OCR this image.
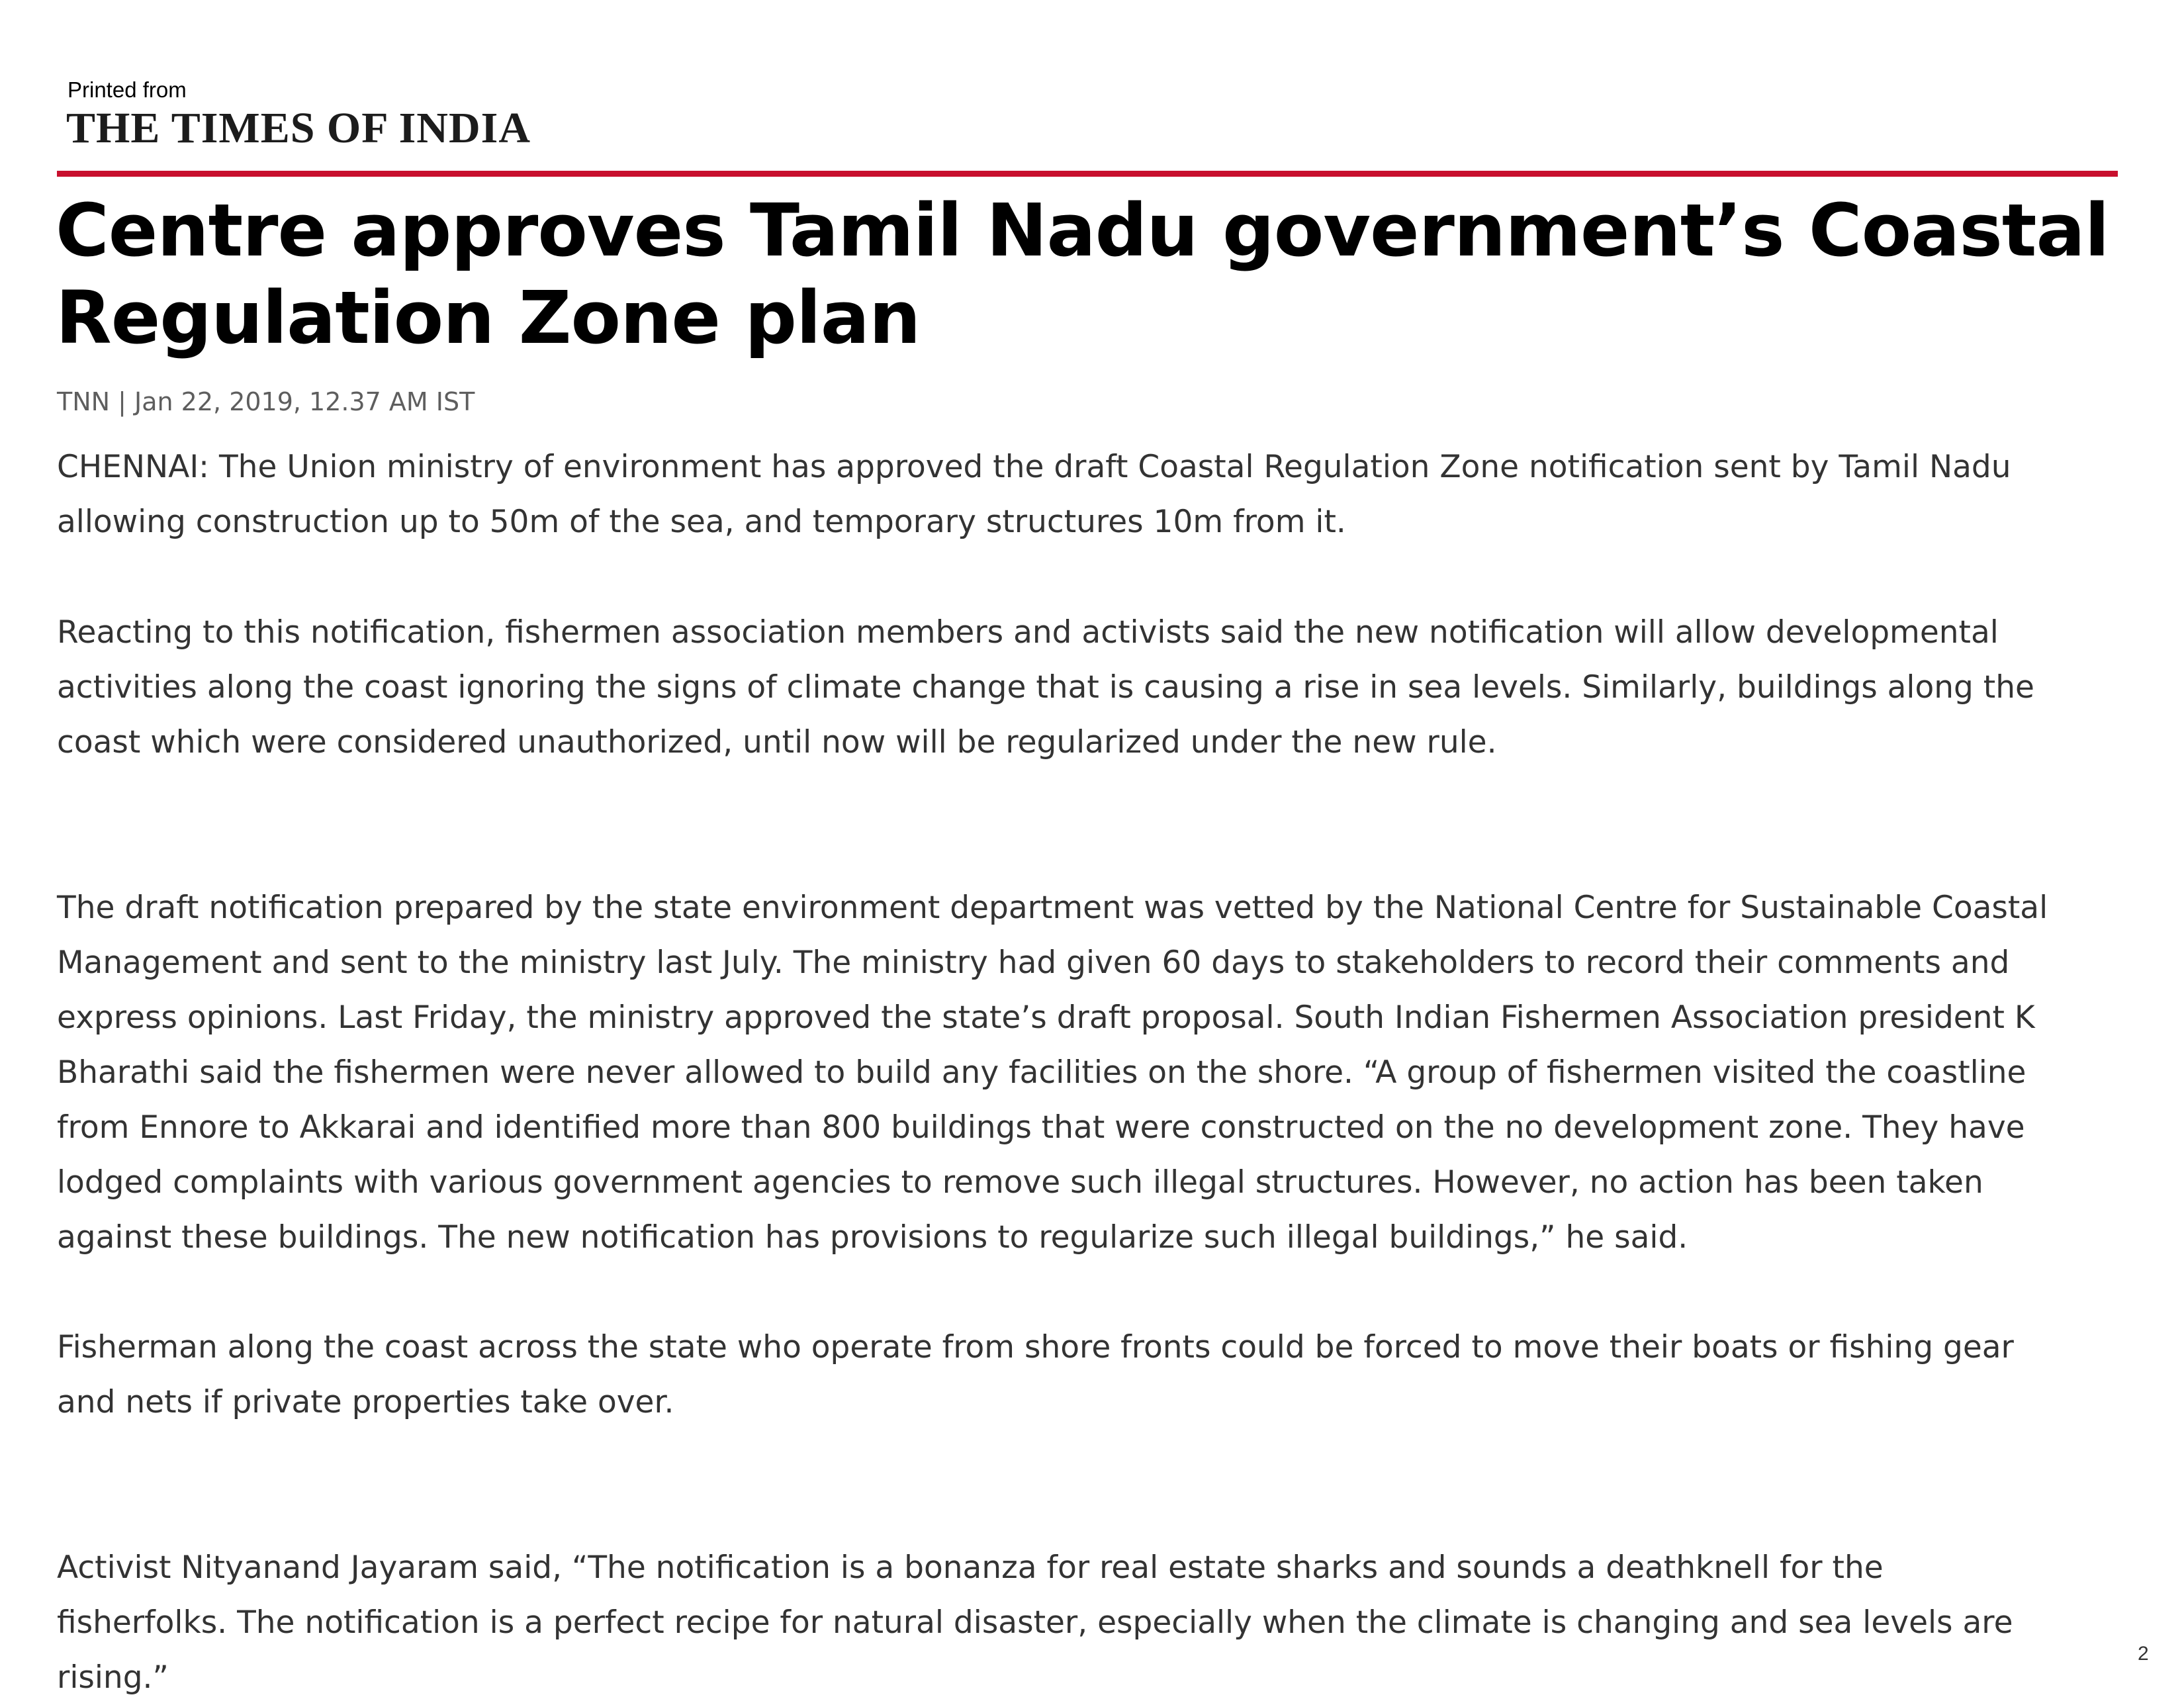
Printed from
THE TIMES OF INDIA
Centre approves Tamil Nadu government’s Coastal
Regulation Zone plan
TNN | Jan 22, 2019, 12.37 AM IST

CHENNAI: The Union ministry of environment has approved the draft Coastal Regulation Zone notification sent by Tamil Nadu
allowing construction up to 50m of the sea, and temporary structures 10m from it.

Reacting to this notification, fishermen association members and activists said the new notification will allow developmental
activities along the coast ignoring the signs of climate change that is causing a rise in sea levels. Similarly, buildings along the
coast which were considered unauthorized, until now will be regularized under the new rule.

The draft notification prepared by the state environment department was vetted by the National Centre for Sustainable Coastal
Management and sent to the ministry last July. The ministry had given 60 days to stakeholders to record their comments and
express opinions. Last Friday, the ministry approved the state’s draft proposal. South Indian Fishermen Association president K
Bharathi said the fishermen were never allowed to build any facilities on the shore. “A group of fishermen visited the coastline
from Ennore to Akkarai and identified more than 800 buildings that were constructed on the no development zone. They have
lodged complaints with various government agencies to remove such illegal structures. However, no action has been taken
against these buildings. The new notification has provisions to regularize such illegal buildings,” he said.

Fisherman along the coast across the state who operate from shore fronts could be forced to move their boats or fishing gear
and nets if private properties take over.

Activist Nityanand Jayaram said, “The notification is a bonanza for real estate sharks and sounds a deathknell for the
fisherfolks. The notification is a perfect recipe for natural disaster, especially when the climate is changing and sea levels are
rising.”

2
